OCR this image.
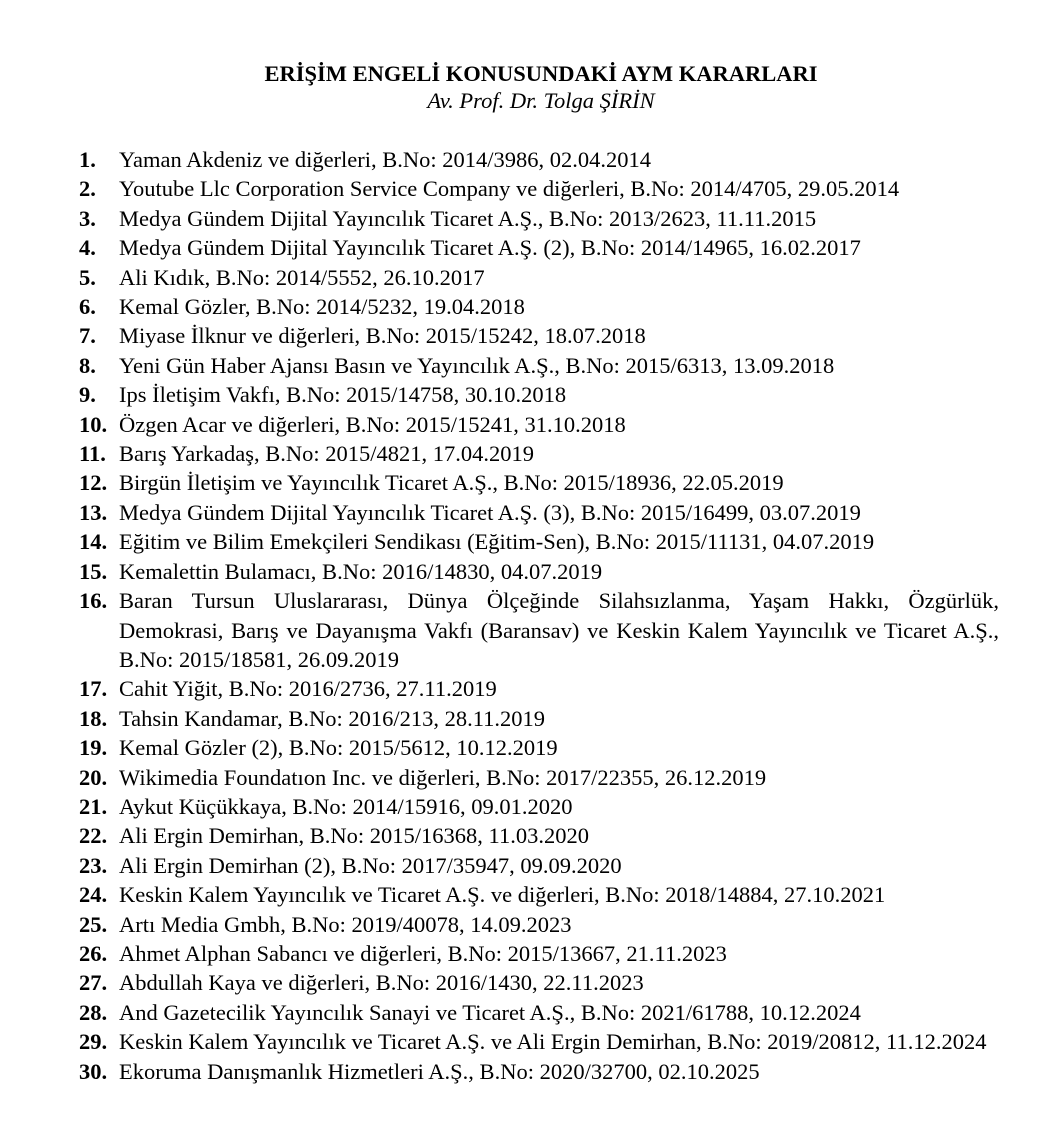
ERİŞİM ENGELİ KONUSUNDAKİ AYM KARARLARI

Av. Prof. Dr. Tolga ŞİRİN

1.	Yaman Akdeniz ve diğerleri, B.No: 2014/3986, 02.04.2014
2.	Youtube Llc Corporation Service Company ve diğerleri, B.No: 2014/4705, 29.05.2014
3.	Medya Gündem Dijital Yayıncılık Ticaret A.Ş., B.No: 2013/2623, 11.11.2015
4.	Medya Gündem Dijital Yayıncılık Ticaret A.Ş. (2), B.No: 2014/14965, 16.02.2017
5.	Ali Kıdık, B.No: 2014/5552, 26.10.2017
6.	Kemal Gözler, B.No: 2014/5232, 19.04.2018
7.	Miyase İlknur ve diğerleri, B.No: 2015/15242, 18.07.2018
8.	Yeni Gün Haber Ajansı Basın ve Yayıncılık A.Ş., B.No: 2015/6313, 13.09.2018
9.	Ips İletişim Vakfı, B.No: 2015/14758, 30.10.2018
10. Özgen Acar ve diğerleri, B.No: 2015/15241, 31.10.2018
11. Barış Yarkadaş, B.No: 2015/4821, 17.04.2019
12. Birgün İletişim ve Yayıncılık Ticaret A.Ş., B.No: 2015/18936, 22.05.2019
13. Medya Gündem Dijital Yayıncılık Ticaret A.Ş. (3), B.No: 2015/16499, 03.07.2019
14. Eğitim ve Bilim Emekçileri Sendikası (Eğitim-Sen), B.No: 2015/11131, 04.07.2019
15. Kemalettin Bulamacı, B.No: 2016/14830, 04.07.2019
16. Baran Tursun Uluslararası, Dünya Ölçeğinde Silahsızlanma, Yaşam Hakkı, Özgürlük, Demokrasi, Barış ve Dayanışma Vakfı (Baransav) ve Keskin Kalem Yayıncılık ve Ticaret A.Ş., B.No: 2015/18581, 26.09.2019
17. Cahit Yiğit, B.No: 2016/2736, 27.11.2019
18. Tahsin Kandamar, B.No: 2016/213, 28.11.2019
19. Kemal Gözler (2), B.No: 2015/5612, 10.12.2019
20. Wikimedia Foundatıon Inc. ve diğerleri, B.No: 2017/22355, 26.12.2019
21. Aykut Küçükkaya, B.No: 2014/15916, 09.01.2020
22. Ali Ergin Demirhan, B.No: 2015/16368, 11.03.2020
23. Ali Ergin Demirhan (2), B.No: 2017/35947, 09.09.2020
24. Keskin Kalem Yayıncılık ve Ticaret A.Ş. ve diğerleri, B.No: 2018/14884, 27.10.2021
25. Artı Media Gmbh, B.No: 2019/40078, 14.09.2023
26. Ahmet Alphan Sabancı ve diğerleri, B.No: 2015/13667, 21.11.2023
27. Abdullah Kaya ve diğerleri, B.No: 2016/1430, 22.11.2023
28. And Gazetecilik Yayıncılık Sanayi ve Ticaret A.Ş., B.No: 2021/61788, 10.12.2024
29. Keskin Kalem Yayıncılık ve Ticaret A.Ş. ve Ali Ergin Demirhan, B.No: 2019/20812, 11.12.2024
30. Ekoruma Danışmanlık Hizmetleri A.Ş., B.No: 2020/32700, 02.10.2025
